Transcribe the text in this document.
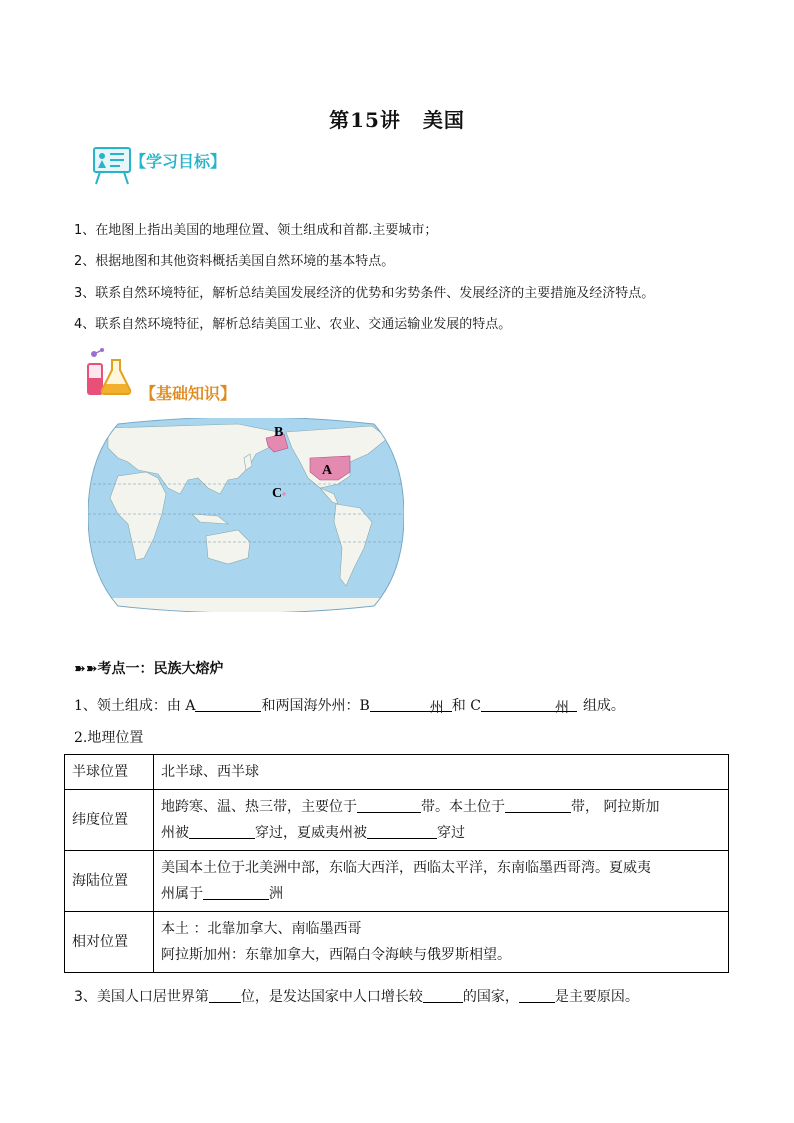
第15讲 美国
【学习目标】
1、在地图上指出美国的地理位置、领土组成和首都.主要城市；
2、根据地图和其他资料概括美国自然环境的基本特点。
3、联系自然环境特征，解析总结美国发展经济的优势和劣势条件、发展经济的主要措施及经济特点。
4、联系自然环境特征，解析总结美国工业、农业、交通运输业发展的特点。
【基础知识】
B
A
C
➽➽考点一：民族大熔炉
1、领土组成：由 A	和两国海外州：B	州 和 C	州 组成。
2.地理位置
半球位置	北半球、西半球
纬度位置	地跨寒、温、热三带，主要位于 带。本土位于 带， 阿拉斯加
州被 穿过，夏威夷州被 穿过
海陆位置	美国本土位于北美洲中部，东临大西洋，西临太平洋，东南临墨西哥湾。夏威夷
州属于 洲
相对位置	本土 ：北靠加拿大、南临墨西哥
阿拉斯加州：东靠加拿大，西隔白令海峡与俄罗斯相望。
3、美国人口居世界第 位，是发达国家中人口增长较	的国家，	是主要原因。
